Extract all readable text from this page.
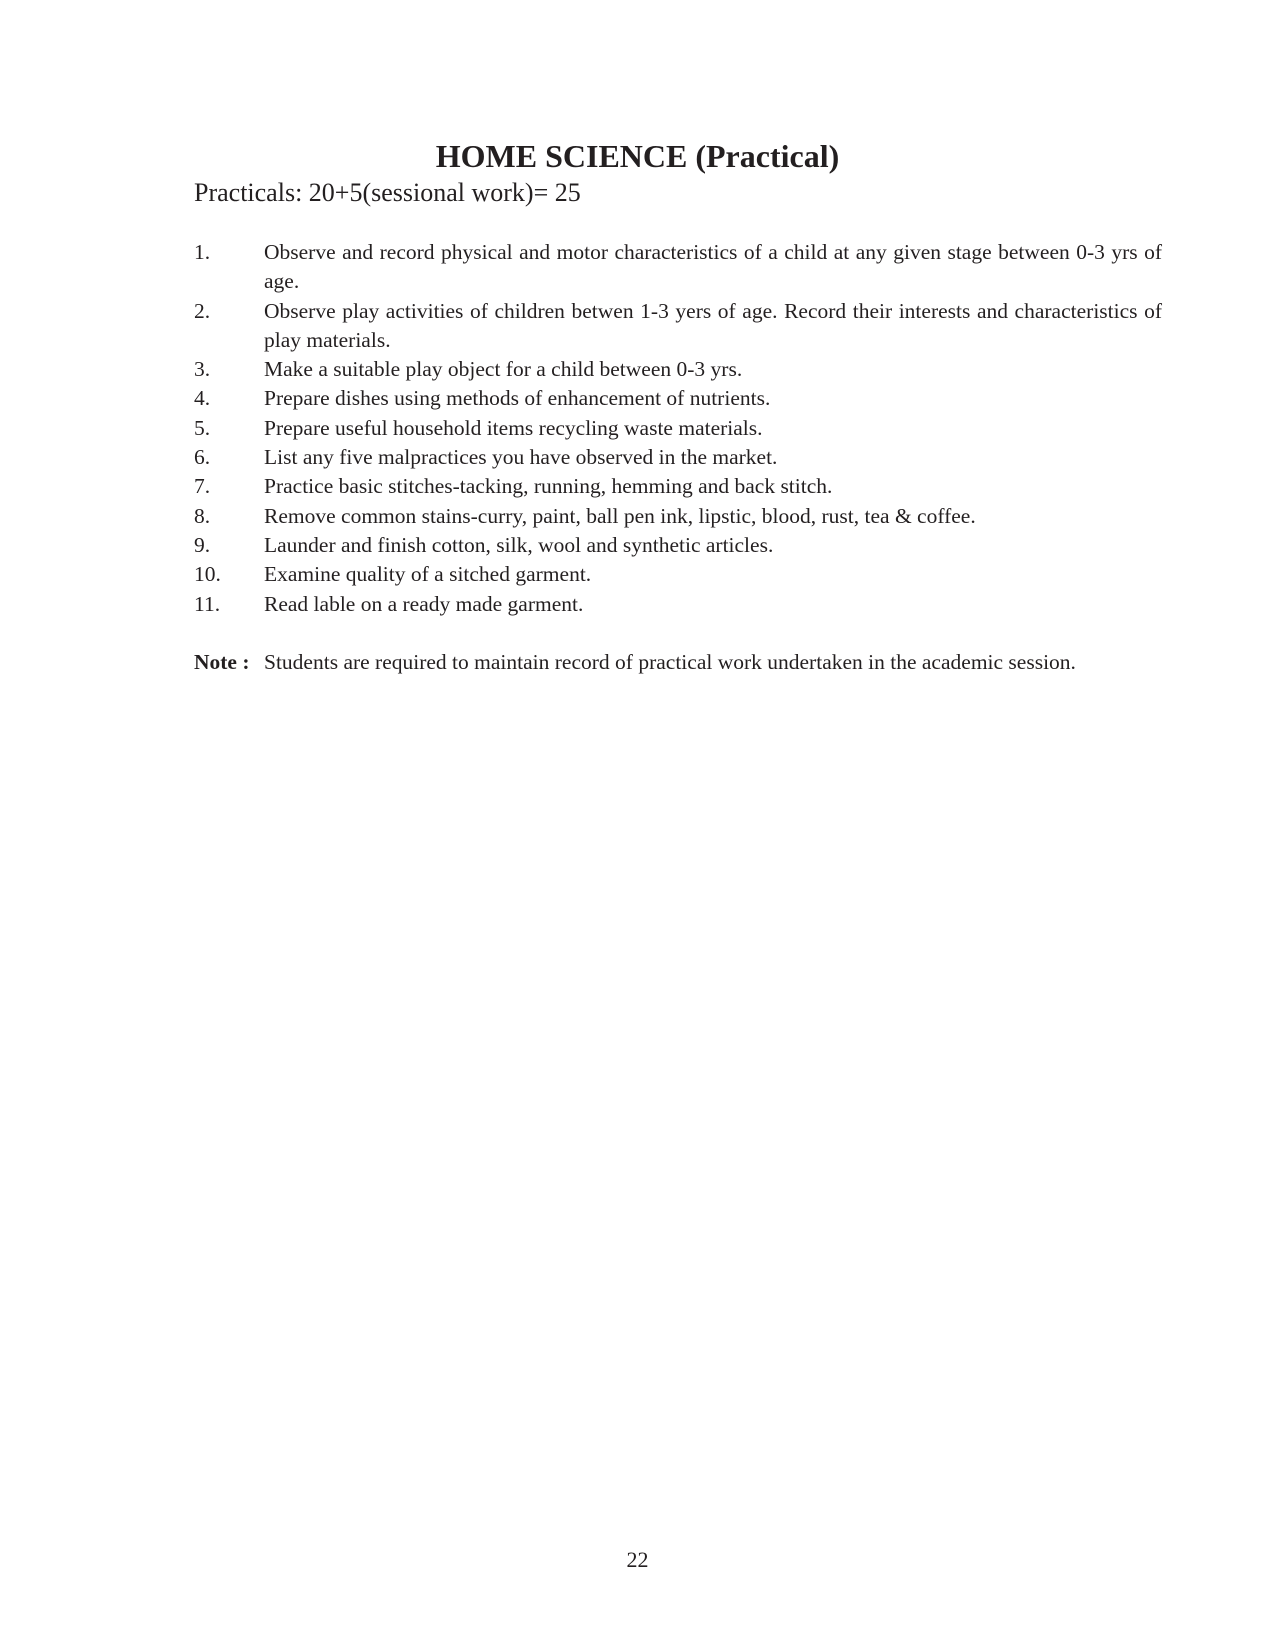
HOME SCIENCE (Practical)

Practicals: 20+5(sessional work)= 25

1.	Observe and record physical and motor characteristics of a child at any given stage between 0-3 yrs of age.
2.	Observe play activities of children betwen 1-3 yers of age. Record their interests and characteristics of play materials.
3.	Make a suitable play object for a child between 0-3 yrs.
4.	Prepare dishes using methods of enhancement of nutrients.
5.	Prepare useful household items recycling waste materials.
6.	List any five malpractices you have observed in the market.
7.	Practice basic stitches-tacking, running, hemming and back stitch.
8.	Remove common stains-curry, paint, ball pen ink, lipstic, blood, rust, tea & coffee.
9.	Launder and finish cotton, silk, wool and synthetic articles.
10.	Examine quality of a sitched garment.
11.	Read lable on a ready made garment.
Note : Students are required to maintain record of practical work undertaken in the academic session.
22
